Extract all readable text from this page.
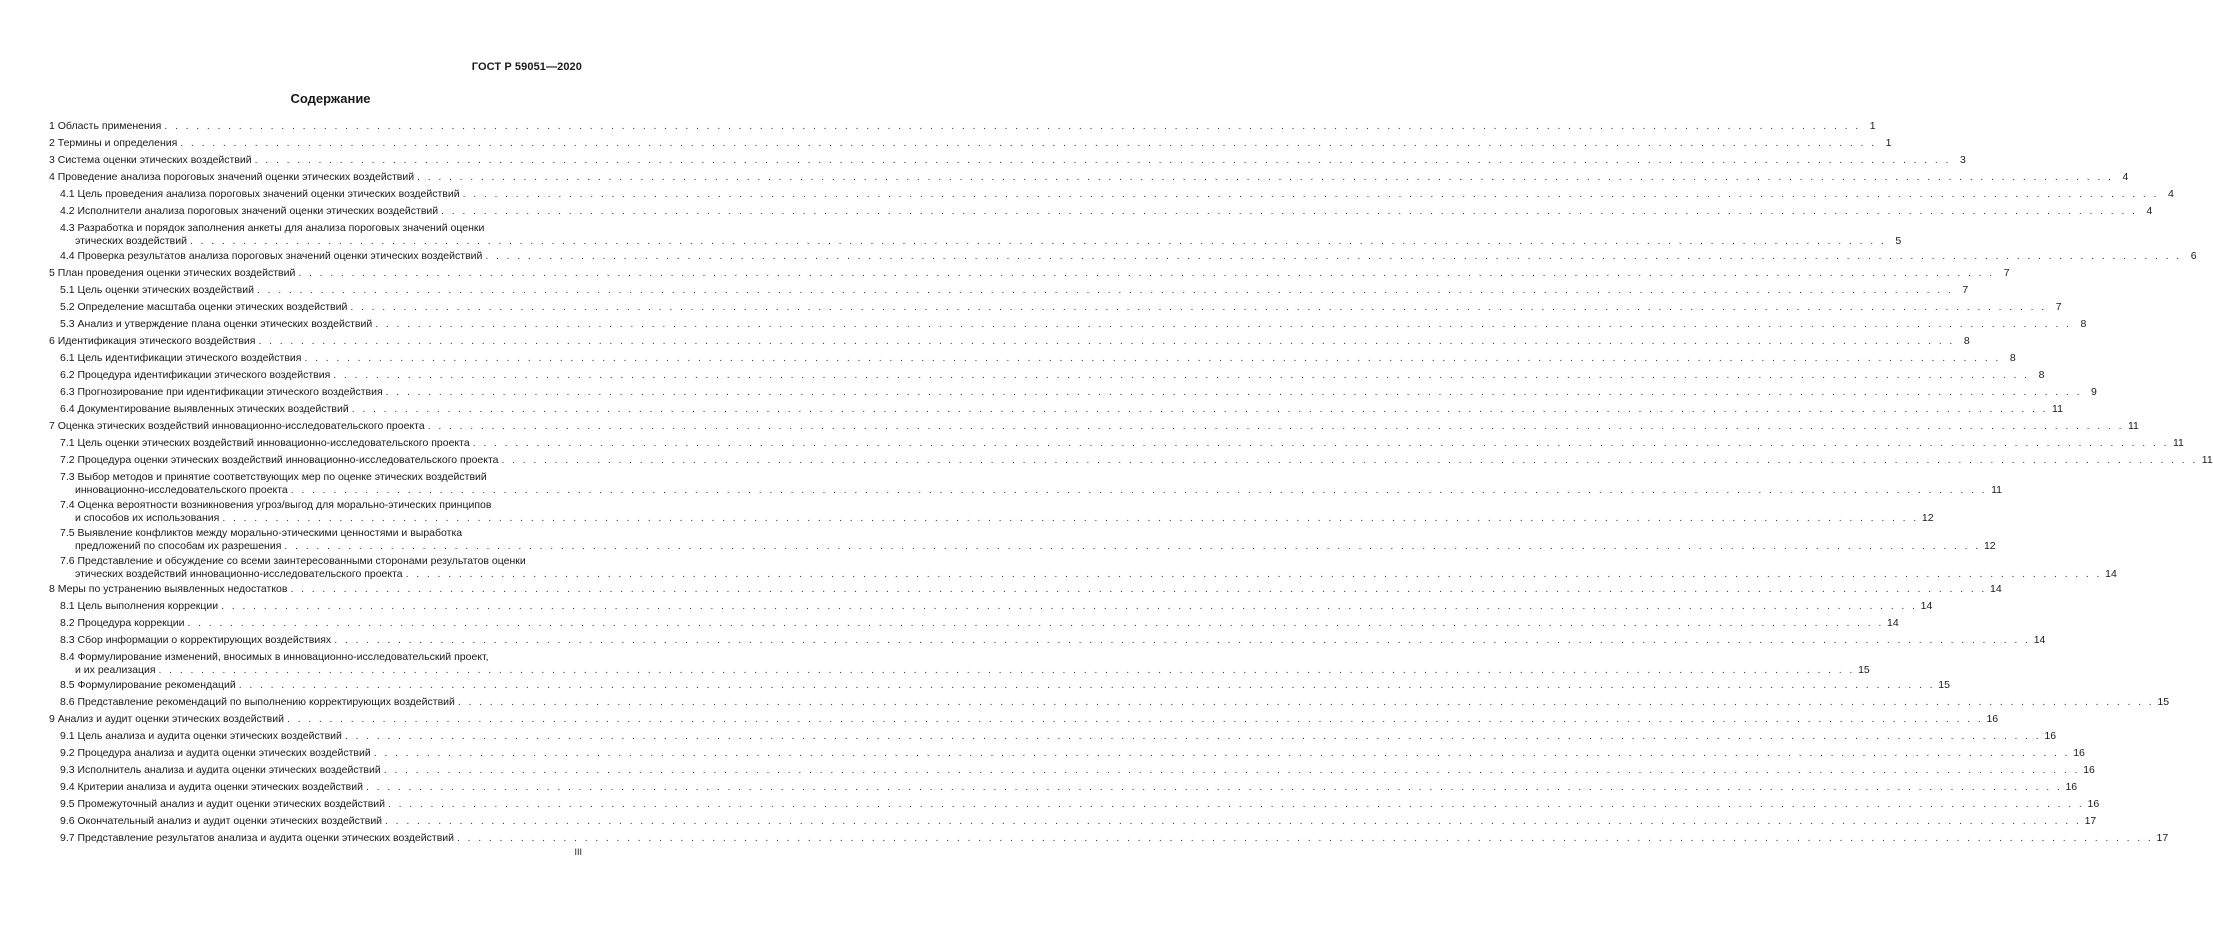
ГОСТ Р 59051—2020
Содержание
1 Область применения . . . . . . . . . . . . . . . . . . . . . . . . . . . . . . . . . . . . . . . . . . . . . . . . . . . . . . . . . . . . . . . . . . . . . . . . . . . . . . . . . . . . . . . . . . . . . . . . . . . . . . . . . . . . . . . . . . . . . . . . . . . . . . . . . . . . . . . . . . . . . . . . . . . . . . . . . . . . . . . . 1
2 Термины и определения . . . . . . . . . . . . . . . . . . . . . . . . . . . . . . . . . . . . . . . . . . . . . . . . . . . . . . . . . . . . . . . . . . . . . . . . . . . . . . . . . . . . . . . . . . . . . . . . . . . . . . . . . . . . . . . . . . . . . . . . . . . . . . . . . . . . . . . . . . . . . . . . . . . . . . . . . . . . . . . . 1
3 Система оценки этических воздействий . . . . . . . . . . . . . . . . . . . . . . . . . . . . . . . . . . . . . . . . . . . . . . . . . . . . . . . . . . . . . . . . . . . . . . . . . . . . . . . . . . . . . . . . . . . . . . . . . . . . . . . . . . . . . . . . . . . . . . . . . . . . . . . . . . . . . . . . . . . . . . . . . . . . . . . . . . . . . . . . 3
4 Проведение анализа пороговых значений оценки этических воздействий . . . . . . . . . . . . . . . . . . . . . . . . . . . . . . . . . . . . . . . . . . . . . . . . . . . . . . . . . . . . . . . . . . . . . . . . . . . . . . . . . . . . . . . . . . . . . . . . . . . . . . . . . . . . . . . . . . . . . . . . . . . . . . . . . . . . . . . . . . . . . . . . . . . . . . . . . . . . . . . . 4
4.1 Цель проведения анализа пороговых значений оценки этических воздействий . . . . . . . . . . . . . . . . . . . . . . . . . . . . . . . . . . . . . . . . . . . . . . . . . . . . . . . . . . . . . . . . . . . . . . . . . . . . . . . . . . . . . . . . . . . . . . . . . . . . . . . . . . . . . . . . . . . . . . . . . . . . . . . . . . . . . . . . . . . . . . . . . . . . . . . . . . . . . . . . 4
4.2 Исполнители анализа пороговых значений оценки этических воздействий . . . . . . . . . . . . . . . . . . . . . . . . . . . . . . . . . . . . . . . . . . . . . . . . . . . . . . . . . . . . . . . . . . . . . . . . . . . . . . . . . . . . . . . . . . . . . . . . . . . . . . . . . . . . . . . . . . . . . . . . . . . . . . . . . . . . . . . . . . . . . . . . . . . . . . . . . . . . . . . . 4
4.3 Разработка и порядок заполнения анкеты для анализа пороговых значений оценки
этических воздействий . . . . . . . . . . . . . . . . . . . . . . . . . . . . . . . . . . . . . . . . . . . . . . . . . . . . . . . . . . . . . . . . . . . . . . . . . . . . . . . . . . . . . . . . . . . . . . . . . . . . . . . . . . . . . . . . . . . . . . . . . . . . . . . . . . . . . . . . . . . . . . . . . . . . . . . . . . . . . . . . 5
4.4 Проверка результатов анализа пороговых значений оценки этических воздействий . . . . . . . . . . . . . . . . . . . . . . . . . . . . . . . . . . . . . . . . . . . . . . . . . . . . . . . . . . . . . . . . . . . . . . . . . . . . . . . . . . . . . . . . . . . . . . . . . . . . . . . . . . . . . . . . . . . . . . . . . . . . . . . . . . . . . . . . . . . . . . . . . . . . . . . . . . . . . . . . 6
5 План проведения оценки этических воздействий . . . . . . . . . . . . . . . . . . . . . . . . . . . . . . . . . . . . . . . . . . . . . . . . . . . . . . . . . . . . . . . . . . . . . . . . . . . . . . . . . . . . . . . . . . . . . . . . . . . . . . . . . . . . . . . . . . . . . . . . . . . . . . . . . . . . . . . . . . . . . . . . . . . . . . . . . . . . . . . . 7
5.1 Цель оценки этических воздействий . . . . . . . . . . . . . . . . . . . . . . . . . . . . . . . . . . . . . . . . . . . . . . . . . . . . . . . . . . . . . . . . . . . . . . . . . . . . . . . . . . . . . . . . . . . . . . . . . . . . . . . . . . . . . . . . . . . . . . . . . . . . . . . . . . . . . . . . . . . . . . . . . . . . . . . . . . . . . . . . 7
5.2 Определение масштаба оценки этических воздействий . . . . . . . . . . . . . . . . . . . . . . . . . . . . . . . . . . . . . . . . . . . . . . . . . . . . . . . . . . . . . . . . . . . . . . . . . . . . . . . . . . . . . . . . . . . . . . . . . . . . . . . . . . . . . . . . . . . . . . . . . . . . . . . . . . . . . . . . . . . . . . . . . . . . . . . . . . . . . . . . 7
5.3 Анализ и утверждение плана оценки этических воздействий . . . . . . . . . . . . . . . . . . . . . . . . . . . . . . . . . . . . . . . . . . . . . . . . . . . . . . . . . . . . . . . . . . . . . . . . . . . . . . . . . . . . . . . . . . . . . . . . . . . . . . . . . . . . . . . . . . . . . . . . . . . . . . . . . . . . . . . . . . . . . . . . . . . . . . . . . . . . . . . . 8
6 Идентификация этического воздействия . . . . . . . . . . . . . . . . . . . . . . . . . . . . . . . . . . . . . . . . . . . . . . . . . . . . . . . . . . . . . . . . . . . . . . . . . . . . . . . . . . . . . . . . . . . . . . . . . . . . . . . . . . . . . . . . . . . . . . . . . . . . . . . . . . . . . . . . . . . . . . . . . . . . . . . . . . . . . . . . 8
6.1 Цель идентификации этического воздействия . . . . . . . . . . . . . . . . . . . . . . . . . . . . . . . . . . . . . . . . . . . . . . . . . . . . . . . . . . . . . . . . . . . . . . . . . . . . . . . . . . . . . . . . . . . . . . . . . . . . . . . . . . . . . . . . . . . . . . . . . . . . . . . . . . . . . . . . . . . . . . . . . . . . . . . . . . . . . . . . 8
6.2 Процедура идентификации этического воздействия . . . . . . . . . . . . . . . . . . . . . . . . . . . . . . . . . . . . . . . . . . . . . . . . . . . . . . . . . . . . . . . . . . . . . . . . . . . . . . . . . . . . . . . . . . . . . . . . . . . . . . . . . . . . . . . . . . . . . . . . . . . . . . . . . . . . . . . . . . . . . . . . . . . . . . . . . . . . . . . . 8
6.3 Прогнозирование при идентификации этического воздействия . . . . . . . . . . . . . . . . . . . . . . . . . . . . . . . . . . . . . . . . . . . . . . . . . . . . . . . . . . . . . . . . . . . . . . . . . . . . . . . . . . . . . . . . . . . . . . . . . . . . . . . . . . . . . . . . . . . . . . . . . . . . . . . . . . . . . . . . . . . . . . . . . . . . . . . . . . . . . . . . 9
6.4 Документирование выявленных этических воздействий . . . . . . . . . . . . . . . . . . . . . . . . . . . . . . . . . . . . . . . . . . . . . . . . . . . . . . . . . . . . . . . . . . . . . . . . . . . . . . . . . . . . . . . . . . . . . . . . . . . . . . . . . . . . . . . . . . . . . . . . . . . . . . . . . . . . . . . . . . . . . . . . . . . . . . . . . . . . . . . . 11
7 Оценка этических воздействий инновационно-исследовательского проекта . . . . . . . . . . . . . . . . . . . . . . . . . . . . . . . . . . . . . . . . . . . . . . . . . . . . . . . . . . . . . . . . . . . . . . . . . . . . . . . . . . . . . . . . . . . . . . . . . . . . . . . . . . . . . . . . . . . . . . . . . . . . . . . . . . . . . . . . . . . . . . . . . . . . . . . . . . . . . . . . 11
7.1 Цель оценки этических воздействий инновационно-исследовательского проекта . . . . . . . . . . . . . . . . . . . . . . . . . . . . . . . . . . . . . . . . . . . . . . . . . . . . . . . . . . . . . . . . . . . . . . . . . . . . . . . . . . . . . . . . . . . . . . . . . . . . . . . . . . . . . . . . . . . . . . . . . . . . . . . . . . . . . . . . . . . . . . . . . . . . . . . . . . . . . . . . 11
7.2 Процедура оценки этических воздействий инновационно-исследовательского проекта . . . . . . . . . . . . . . . . . . . . . . . . . . . . . . . . . . . . . . . . . . . . . . . . . . . . . . . . . . . . . . . . . . . . . . . . . . . . . . . . . . . . . . . . . . . . . . . . . . . . . . . . . . . . . . . . . . . . . . . . . . . . . . . . . . . . . . . . . . . . . . . . . . . . . . . . . . . . . . . . 11
7.3 Выбор методов и принятие соответствующих мер по оценке этических воздействий
инновационно-исследовательского проекта . . . . . . . . . . . . . . . . . . . . . . . . . . . . . . . . . . . . . . . . . . . . . . . . . . . . . . . . . . . . . . . . . . . . . . . . . . . . . . . . . . . . . . . . . . . . . . . . . . . . . . . . . . . . . . . . . . . . . . . . . . . . . . . . . . . . . . . . . . . . . . . . . . . . . . . . . . . . . . . . 11
7.4 Оценка вероятности возникновения угроз/выгод для морально-этических принципов
и способов их использования . . . . . . . . . . . . . . . . . . . . . . . . . . . . . . . . . . . . . . . . . . . . . . . . . . . . . . . . . . . . . . . . . . . . . . . . . . . . . . . . . . . . . . . . . . . . . . . . . . . . . . . . . . . . . . . . . . . . . . . . . . . . . . . . . . . . . . . . . . . . . . . . . . . . . . . . . . . . . . . . 12
7.5 Выявление конфликтов между морально-этическими ценностями и выработка
предложений по способам их разрешения . . . . . . . . . . . . . . . . . . . . . . . . . . . . . . . . . . . . . . . . . . . . . . . . . . . . . . . . . . . . . . . . . . . . . . . . . . . . . . . . . . . . . . . . . . . . . . . . . . . . . . . . . . . . . . . . . . . . . . . . . . . . . . . . . . . . . . . . . . . . . . . . . . . . . . . . . . . . . . . . 12
7.6 Представление и обсуждение со всеми заинтересованными сторонами результатов оценки
этических воздействий инновационно-исследовательского проекта . . . . . . . . . . . . . . . . . . . . . . . . . . . . . . . . . . . . . . . . . . . . . . . . . . . . . . . . . . . . . . . . . . . . . . . . . . . . . . . . . . . . . . . . . . . . . . . . . . . . . . . . . . . . . . . . . . . . . . . . . . . . . . . . . . . . . . . . . . . . . . . . . . . . . . . . . . . . . . . . 14
8 Меры по устранению выявленных недостатков . . . . . . . . . . . . . . . . . . . . . . . . . . . . . . . . . . . . . . . . . . . . . . . . . . . . . . . . . . . . . . . . . . . . . . . . . . . . . . . . . . . . . . . . . . . . . . . . . . . . . . . . . . . . . . . . . . . . . . . . . . . . . . . . . . . . . . . . . . . . . . . . . . . . . . . . . . . . . . . . 14
8.1 Цель выполнения коррекции . . . . . . . . . . . . . . . . . . . . . . . . . . . . . . . . . . . . . . . . . . . . . . . . . . . . . . . . . . . . . . . . . . . . . . . . . . . . . . . . . . . . . . . . . . . . . . . . . . . . . . . . . . . . . . . . . . . . . . . . . . . . . . . . . . . . . . . . . . . . . . . . . . . . . . . . . . . . . . . . 14
8.2 Процедура коррекции . . . . . . . . . . . . . . . . . . . . . . . . . . . . . . . . . . . . . . . . . . . . . . . . . . . . . . . . . . . . . . . . . . . . . . . . . . . . . . . . . . . . . . . . . . . . . . . . . . . . . . . . . . . . . . . . . . . . . . . . . . . . . . . . . . . . . . . . . . . . . . . . . . . . . . . . . . . . . . . . 14
8.3 Сбор информации о корректирующих воздействиях . . . . . . . . . . . . . . . . . . . . . . . . . . . . . . . . . . . . . . . . . . . . . . . . . . . . . . . . . . . . . . . . . . . . . . . . . . . . . . . . . . . . . . . . . . . . . . . . . . . . . . . . . . . . . . . . . . . . . . . . . . . . . . . . . . . . . . . . . . . . . . . . . . . . . . . . . . . . . . . . 14
8.4 Формулирование изменений, вносимых в инновационно-исследовательский проект,
и их реализация . . . . . . . . . . . . . . . . . . . . . . . . . . . . . . . . . . . . . . . . . . . . . . . . . . . . . . . . . . . . . . . . . . . . . . . . . . . . . . . . . . . . . . . . . . . . . . . . . . . . . . . . . . . . . . . . . . . . . . . . . . . . . . . . . . . . . . . . . . . . . . . . . . . . . . . . . . . . . . . . 15
8.5 Формулирование рекомендаций . . . . . . . . . . . . . . . . . . . . . . . . . . . . . . . . . . . . . . . . . . . . . . . . . . . . . . . . . . . . . . . . . . . . . . . . . . . . . . . . . . . . . . . . . . . . . . . . . . . . . . . . . . . . . . . . . . . . . . . . . . . . . . . . . . . . . . . . . . . . . . . . . . . . . . . . . . . . . . . . 15
8.6 Представление рекомендаций по выполнению корректирующих воздействий . . . . . . . . . . . . . . . . . . . . . . . . . . . . . . . . . . . . . . . . . . . . . . . . . . . . . . . . . . . . . . . . . . . . . . . . . . . . . . . . . . . . . . . . . . . . . . . . . . . . . . . . . . . . . . . . . . . . . . . . . . . . . . . . . . . . . . . . . . . . . . . . . . . . . . . . . . . . . . . . 15
9 Анализ и аудит оценки этических воздействий . . . . . . . . . . . . . . . . . . . . . . . . . . . . . . . . . . . . . . . . . . . . . . . . . . . . . . . . . . . . . . . . . . . . . . . . . . . . . . . . . . . . . . . . . . . . . . . . . . . . . . . . . . . . . . . . . . . . . . . . . . . . . . . . . . . . . . . . . . . . . . . . . . . . . . . . . . . . . . . . 16
9.1 Цель анализа и аудита оценки этических воздействий . . . . . . . . . . . . . . . . . . . . . . . . . . . . . . . . . . . . . . . . . . . . . . . . . . . . . . . . . . . . . . . . . . . . . . . . . . . . . . . . . . . . . . . . . . . . . . . . . . . . . . . . . . . . . . . . . . . . . . . . . . . . . . . . . . . . . . . . . . . . . . . . . . . . . . . . . . . . . . . . 16
9.2 Процедура анализа и аудита оценки этических воздействий . . . . . . . . . . . . . . . . . . . . . . . . . . . . . . . . . . . . . . . . . . . . . . . . . . . . . . . . . . . . . . . . . . . . . . . . . . . . . . . . . . . . . . . . . . . . . . . . . . . . . . . . . . . . . . . . . . . . . . . . . . . . . . . . . . . . . . . . . . . . . . . . . . . . . . . . . . . . . . . . 16
9.3 Исполнитель анализа и аудита оценки этических воздействий . . . . . . . . . . . . . . . . . . . . . . . . . . . . . . . . . . . . . . . . . . . . . . . . . . . . . . . . . . . . . . . . . . . . . . . . . . . . . . . . . . . . . . . . . . . . . . . . . . . . . . . . . . . . . . . . . . . . . . . . . . . . . . . . . . . . . . . . . . . . . . . . . . . . . . . . . . . . . . . . 16
9.4 Критерии анализа и аудита оценки этических воздействий . . . . . . . . . . . . . . . . . . . . . . . . . . . . . . . . . . . . . . . . . . . . . . . . . . . . . . . . . . . . . . . . . . . . . . . . . . . . . . . . . . . . . . . . . . . . . . . . . . . . . . . . . . . . . . . . . . . . . . . . . . . . . . . . . . . . . . . . . . . . . . . . . . . . . . . . . . . . . . . . 16
9.5 Промежуточный анализ и аудит оценки этических воздействий . . . . . . . . . . . . . . . . . . . . . . . . . . . . . . . . . . . . . . . . . . . . . . . . . . . . . . . . . . . . . . . . . . . . . . . . . . . . . . . . . . . . . . . . . . . . . . . . . . . . . . . . . . . . . . . . . . . . . . . . . . . . . . . . . . . . . . . . . . . . . . . . . . . . . . . . . . . . . . . . 16
9.6 Окончательный анализ и аудит оценки этических воздействий . . . . . . . . . . . . . . . . . . . . . . . . . . . . . . . . . . . . . . . . . . . . . . . . . . . . . . . . . . . . . . . . . . . . . . . . . . . . . . . . . . . . . . . . . . . . . . . . . . . . . . . . . . . . . . . . . . . . . . . . . . . . . . . . . . . . . . . . . . . . . . . . . . . . . . . . . . . . . . . . 17
9.7 Представление результатов анализа и аудита оценки этических воздействий . . . . . . . . . . . . . . . . . . . . . . . . . . . . . . . . . . . . . . . . . . . . . . . . . . . . . . . . . . . . . . . . . . . . . . . . . . . . . . . . . . . . . . . . . . . . . . . . . . . . . . . . . . . . . . . . . . . . . . . . . . . . . . . . . . . . . . . . . . . . . . . . . . . . . . . . . . . . . . . . 17
III
